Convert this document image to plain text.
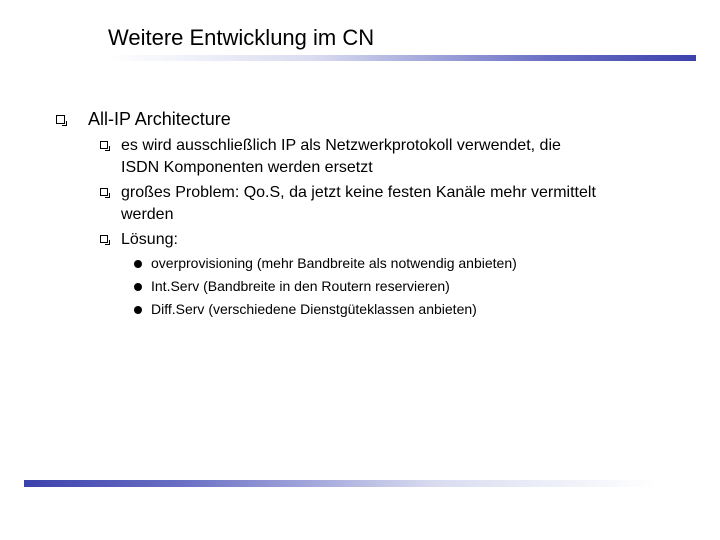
Weitere Entwicklung im CN
All-IP Architecture
es wird ausschließlich IP als Netzwerkprotokoll verwendet, die
ISDN Komponenten werden ersetzt
großes Problem: Qo.S, da jetzt keine festen Kanäle mehr vermittelt
werden
Lösung:
overprovisioning (mehr Bandbreite als notwendig anbieten)
Int.Serv (Bandbreite in den Routern reservieren)
Diff.Serv (verschiedene Dienstgüteklassen anbieten)
